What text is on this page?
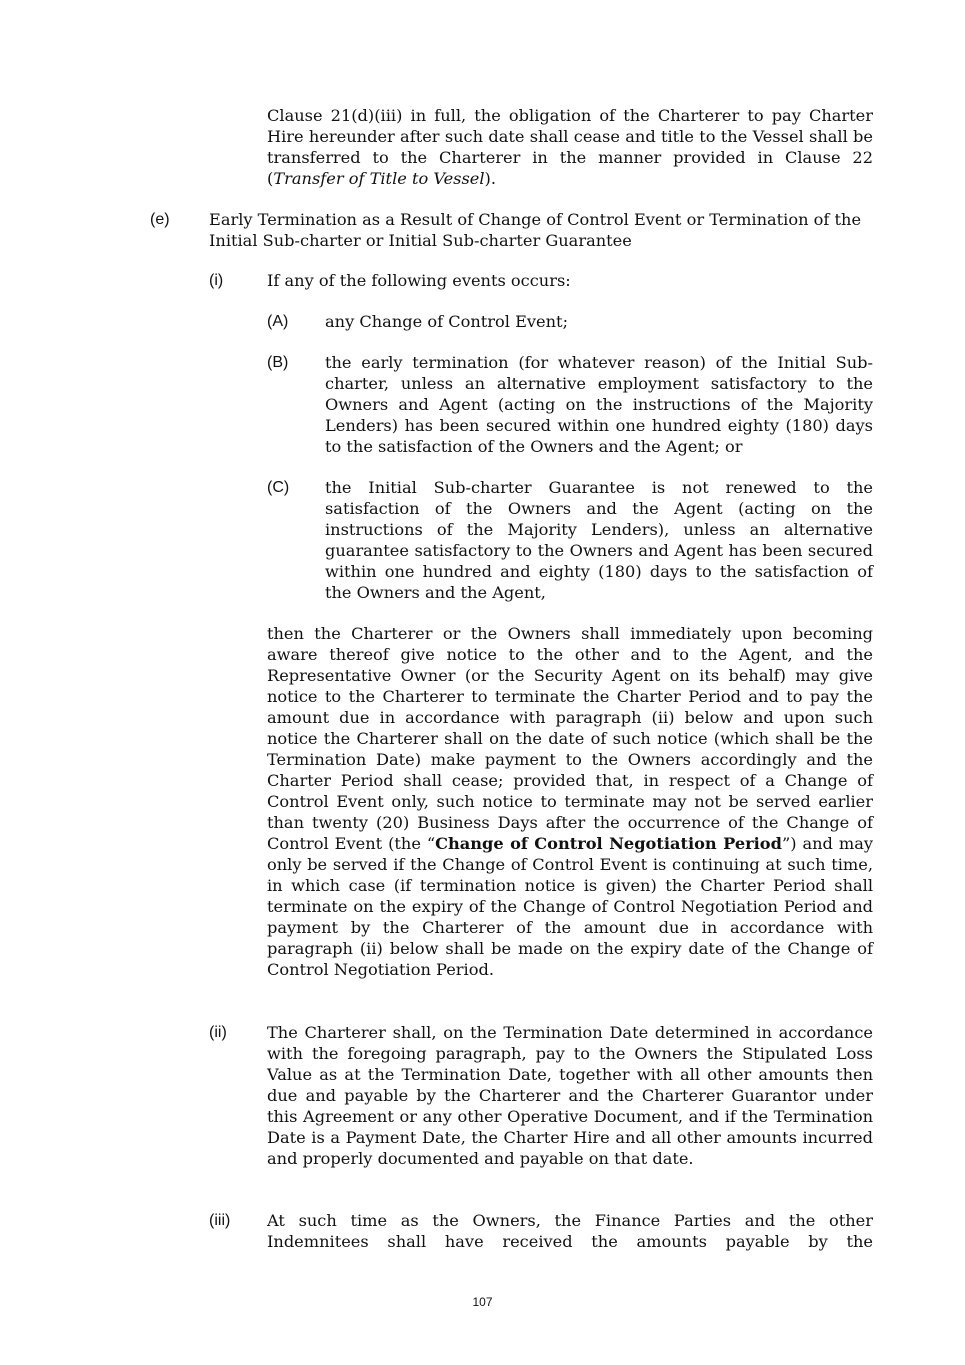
Clause 21(d)(iii) in full, the obligation of the Charterer to pay Charter Hire hereunder after such date shall cease and title to the Vessel shall be transferred to the Charterer in the manner provided in Clause 22 (Transfer of Title to Vessel).
(e) Early Termination as a Result of Change of Control Event or Termination of the Initial Sub-charter or Initial Sub-charter Guarantee
(i)	If any of the following events occurs:
(A) any Change of Control Event;
(B) the early termination (for whatever reason) of the Initial Sub-charter, unless an alternative employment satisfactory to the Owners and Agent (acting on the instructions of the Majority Lenders) has been secured within one hundred eighty (180) days to the satisfaction of the Owners and the Agent; or
(C) the Initial Sub-charter Guarantee is not renewed to the satisfaction of the Owners and the Agent (acting on the instructions of the Majority Lenders), unless an alternative guarantee satisfactory to the Owners and Agent has been secured within one hundred and eighty (180) days to the satisfaction of the Owners and the Agent,
then the Charterer or the Owners shall immediately upon becoming aware thereof give notice to the other and to the Agent, and the Representative Owner (or the Security Agent on its behalf) may give notice to the Charterer to terminate the Charter Period and to pay the amount due in accordance with paragraph (ii) below and upon such notice the Charterer shall on the date of such notice (which shall be the Termination Date) make payment to the Owners accordingly and the Charter Period shall cease; provided that, in respect of a Change of Control Event only, such notice to terminate may not be served earlier than twenty (20) Business Days after the occurrence of the Change of Control Event (the “Change of Control Negotiation Period”) and may only be served if the Change of Control Event is continuing at such time, in which case (if termination notice is given) the Charter Period shall terminate on the expiry of the Change of Control Negotiation Period and payment by the Charterer of the amount due in accordance with paragraph (ii) below shall be made on the expiry date of the Change of Control Negotiation Period.
(ii) The Charterer shall, on the Termination Date determined in accordance with the foregoing paragraph, pay to the Owners the Stipulated Loss Value as at the Termination Date, together with all other amounts then due and payable by the Charterer and the Charterer Guarantor under this Agreement or any other Operative Document, and if the Termination Date is a Payment Date, the Charter Hire and all other amounts incurred and properly documented and payable on that date.
(iii) At such time as the Owners, the Finance Parties and the other Indemnitees shall have received the amounts payable by the
107
